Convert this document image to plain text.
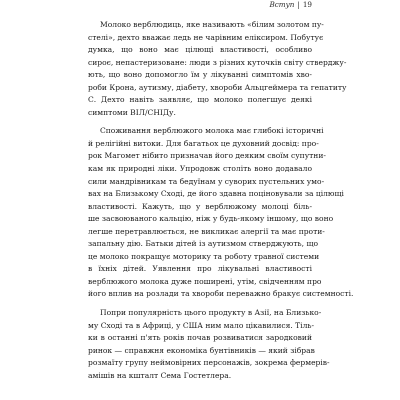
Вступ | 19
Молоко верблюдиць, яке називають «білим золотом пу-
стелі», дехто вважає ледь не чарівним еліксиром. Побутує
думка, що воно має цілющі властивості, особливо
сироє, непастеризоване: люди з різних куточків світу стверджу-
ють, що воно допомогло їм у лікуванні симптомів хво-
роби Крона, аутизму, діабету, хвороби Альцгеймера та гепатиту
С. Дехто навіть заявляє, що молоко полегшує деякі
симптоми ВІЛ/СНІДу.
Споживання верблюжого молока має глибокі історичні
й релігійні витоки. Для багатьох це духовний досвід: про-
рок Магомет нібито призначав його деяким своїм супутни-
кам як природні ліки. Упродовж століть воно додавало
сили мандрівникам та бедуїнам у суворих пустельних умо-
вах на Близькому Сході, де його здавна поціновували за цілющі
властивості. Кажуть, що у верблюжому молоці біль-
ше засвоюваного кальцію, ніж у будь-якому іншому, що воно
легше перетравлюється, не викликає алергії та має проти-
запальну дію. Батьки дітей із аутизмом стверджують, що
це молоко покращує моторику та роботу травної системи
в їхніх дітей. Уявлення про лікувальні властивості
верблюжого молока дуже поширені, утім, свідченням про
його вплив на розлади та хвороби переважно бракує системності.
Попри популярність цього продукту в Азії, на Близько-
му Сході та в Африці, у США ним мало цікавилися. Тіль-
ки в останні п'ять років почав розвиватися зародковий
ринок — справжня економіка бунтівників — який зібрав
розмаїту групу неймовірних персонажів, зокрема фермерів-
амішів на кшталт Сема Гостетлера.
